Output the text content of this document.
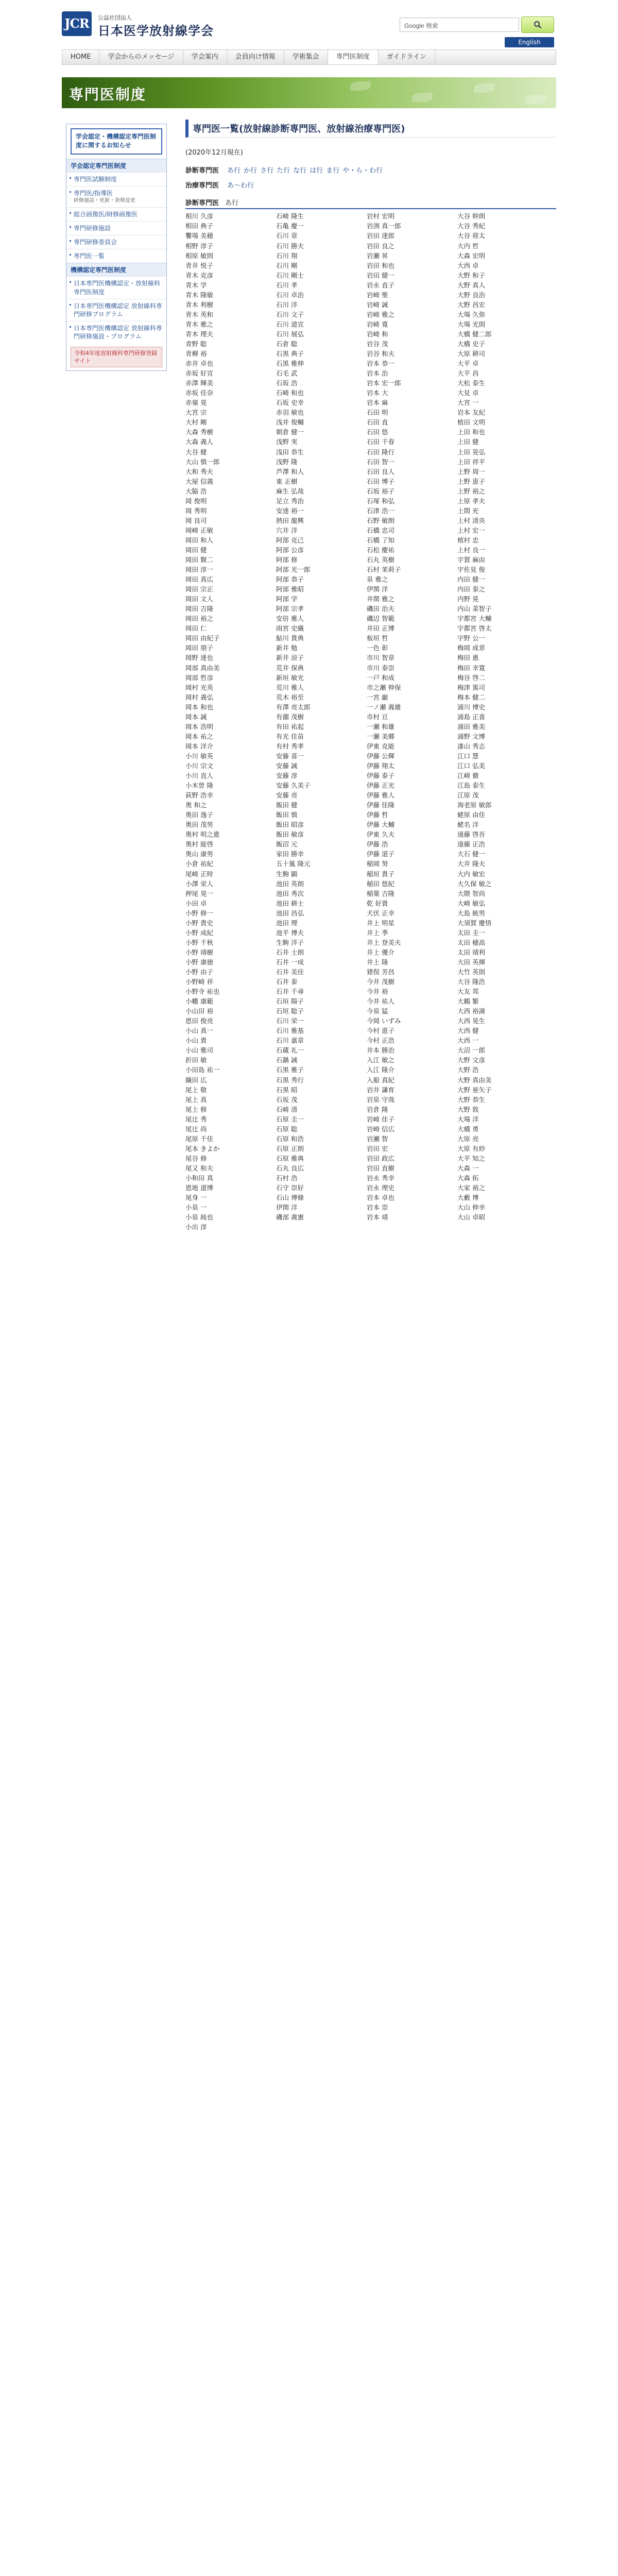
JCR	公益社団法人
日本医学放射線学会	Google 検索
English
HOME	学会からのメッセージ	学会案内	会員向け情報	学術集会	専門医制度	ガイドライン
専門医制度
学会認定・機構認定専門医制度に関するお知らせ
学会認定専門医制度
専門医試験制度
専門医/指導医
研修施設・更新・資格変更
総合画像医/研修画像医
専門研修施設
専門研修委員会
専門医一覧
機構認定専門医制度
日本専門医機構認定・放射線科専門医制度
日本専門医機構認定 放射線科専門研修プログラム
日本専門医機構認定 放射線科専門研修施設・プログラム
令和4年度放射線科専門研修登録サイト
専門医一覧(放射線診断専門医、放射線治療専門医)
(2020年12月現在)
診断専門医 あ行 か行 さ行 た行 な行 は行 ま行 や・ら・わ行
治療専門医 あ〜わ行
診断専門医 あ行
相川 久彦	石崎 隆生	岩村 宏明	大谷 幹朗
相田 典子	石亀 慶一	岩渕 真一郎	大谷 秀紀
饗場 美穂	石川 章	岩田 達郎	大谷 将太
相野 淳子	石川 勝夫	岩田 良之	大内 哲
相原 敏則	石川 翔	岩瀬 昇	大森 宏明
青井 悦子	石川 剛	岩田 和也	大西 卓
青木 克彦	石川 剛士	岩田 健一	大野 和子
青木 学	石川 孝	岩永 直子	大野 真人
青木 隆敏	石川 卓治	岩崎 聖	大野 良治
青木 利樹	石川 洋	岩崎 誠	大野 昌宏
青木 英和	石川 文子	岩崎 雅之	大場 久弥
青木 雅之	石川 道宣	岩崎 寛	大場 光則
青木 理夫	石川 展弘	岩崎 和	大橋 健二郎
青野 聡	石倉 聡	岩谷 茂	大橋 史子
青柳 裕	石黒 典子	岩谷 和夫	大原 耕司
赤井 卓也	石黒 雅伸	岩本 恭一	大平 卓
赤坂 好宣	石毛 武	岩本 治	大平 昌
赤澤 輝美	石坂 浩	岩本 宏一郎	大松 泰生
赤坂 佳奈	石崎 和也	岩本 大	大見 卓
赤嶺 晃	石坂 史幸	岩本 麻	大宮 一
大宮 宗	赤羽 敏也	石田 明	岩本 友紀
大村 剛	浅井 俊輔	石田 直	植田 文明
大森 秀樹	朝倉 健一	石田 悠	上田 和也
大森 義人	浅野 実	石田 千春	上田 健
大谷 健	浅田 恭生	石田 隆行	上田 晃弘
大山 慎一郎	浅野 隆	石田 智一	上田 祥平
大和 秀夫	芦澤 和人	石田 良人	上野 周一
大屋 信義	東 正樹	石田 博子	上野 恵子
大脇 浩	麻生 弘哉	石坂 裕子	上野 裕之
岡 俊明	足立 秀治	石塚 和弘	上原 孝夫
岡 秀明	安達 裕一	石津 浩一	上間 充
岡 良司	熱田 龍興	石野 敏朗	上村 清央
岡崎 正敏	穴井 洋	石橋 忠司	上村 宏一
岡田 和人	阿部 克己	石橋 了知	植村 忠
岡田 健	阿部 公彦	石松 慶祐	上村 良一
岡田 賢二	阿部 修	石丸 英樹	宇賀 麻由
岡田 淳一	阿部 光一郎	石村 茉莉子	宇佐見 俊
岡田 真広	阿部 恭子	泉 雅之	内田 健一
岡田 宗正	阿部 雅昭	伊関 洋	内田 泰之
岡田 文人	阿部 学	井関 雅之	内野 晃
岡田 吉隆	阿部 宗孝	磯田 治夫	内山 菜智子
岡田 裕之	安倍 雅人	磯辺 智範	宇都宮 大輔
岡田 仁	雨宮 史織	井田 正博	宇都宮 啓太
岡田 由紀子	鮎川 貴典	板垣 哲	宇野 公一
岡田 朋子	新井 勉	一色 彰	梅岡 成章
岡野 達也	新井 涼子	市川 智章	梅田 惠
岡部 真由美	荒井 保典	市川 泰崇	梅田 幸寛
岡部 哲彦	新垣 敏光	一戸 和成	梅谷 啓二
岡村 光英	荒川 雅人	市之瀬 伸保	梅津 篤司
岡村 義弘	荒木 裕至	一宮 巌	梅本 健二
岡本 和也	有澤 亮太郎	一ノ瀬 義雄	浦川 博史
岡本 誠	有薗 茂樹	市村 亘	浦島 正喜
岡本 浩明	有田 祐起	一瀬 和雄	浦田 雅美
岡本 祐之	有光 佳苗	一瀬 美郷	浦野 文博
岡本 洋介	有村 秀孝	伊東 克能	漆山 秀志
小川 敏英	安藤 喜一	伊藤 公輝	江口 慧
小川 宗文	安藤 誠	伊藤 翔太	江口 弘美
小川 直人	安藤 淳	伊藤 泰子	江崎 徹
小木曽 隆	安藤 久美子	伊藤 正光	江島 泰生
荻野 浩幸	安藤 亮	伊藤 雅人	江原 茂
奥 和之	飯田 健	伊藤 佳隆	海老原 敏郎
奥田 逸子	飯田 慎	伊藤 哲	蛯原 由佳
奥田 茂男	飯田 昭彦	伊藤 大輔	蛯名 洋
奥村 明之進	飯田 敏彦	伊東 久夫	遠藤 啓吾
奥村 能啓	飯沼 元	伊藤 浩	遠藤 正浩
奥山 康男	家田 勝幸	伊藤 道子	大石 健一
小倉 祐紀	五十嵐 隆元	稲岡 努	大井 隆夫
尾崎 正時	生駒 顕	稲垣 貴子	大内 敏宏
小澤 栄人	池田 英朗	稲田 悠紀	大久保 敏之
押尾 晃一	池田 秀次	稲葉 吉隆	大隈 智尚
小田 卓	池田 耕士	乾 好貴	大崎 敏弘
小野 修一	池田 昌弘	犬伏 正幸	大島 統男
小野 貴史	池田 理	井上 明星	大須賀 慶悟
小野 成紀	池平 博夫	井上 季	太田 圭一
小野 千秋	生駒 洋子	井上 登美夫	太田 穂高
小野 靖樹	石井 士朗	井上 優介	太田 靖利
小野 康徳	石井 一成	井上 隆	大田 英揮
小野 由子	石井 美佳	猪俣 芳昌	大竹 英則
小野崎 祥	石井 泰	今井 茂樹	大谷 隆浩
小野寺 祐也	石井 千尋	今井 裕	大友 邦
小幡 康範	石垣 陽子	今井 祐人	大鶴 繁
小山田 裕	石垣 聡子	今泉 猛	大西 裕満
恩田 俊亮	石川 栄一	今岡 いずみ	大西 晃生
小山 真一	石川 雅基	今村 恵子	大西 健
小山 貴	石川 嘉章	今村 正浩	大西 一
小山 雅司	石蔵 礼一	井本 勝治	大沼 一郎
折田 敏	石鍋 誠	入江 敏之	大野 文彦
小田島 祐一	石黒 雅子	入江 隆介	大野 浩
織田 広	石黒 秀行	入船 真紀	大野 真由美
尾上 敬	石黒 昭	岩井 謙育	大野 亜矢子
尾上 真	石坂 茂	岩泉 守哉	大野 恭生
尾上 修	石崎 清	岩倉 隆	大野 敦
尾辻 秀	石原 圭一	岩崎 佳子	大場 洋
尾辻 尚	石原 聡	岩崎 信広	大橋 勇
尾原 千佳	石原 和浩	岩瀬 智	大原 亮
尾本 きよか	石原 正朗	岩田 宏	大原 有紗
尾谷 修	石原 雅典	岩田 政広	大平 知之
尾又 和夫	石丸 良広	岩田 直樹	大森 一
小和田 真	石村 浩	岩永 秀幸	大森 拓
恩地 道博	石守 崇好	岩永 理史	大家 裕之
尾身 一	石山 博條	岩本 卓也	大藪 博
小泉 一	伊関 洋	岩本 崇	大山 伸幸
小泉 純也	磯部 義憲	岩本 靖	大山 卓昭
小出 淳
